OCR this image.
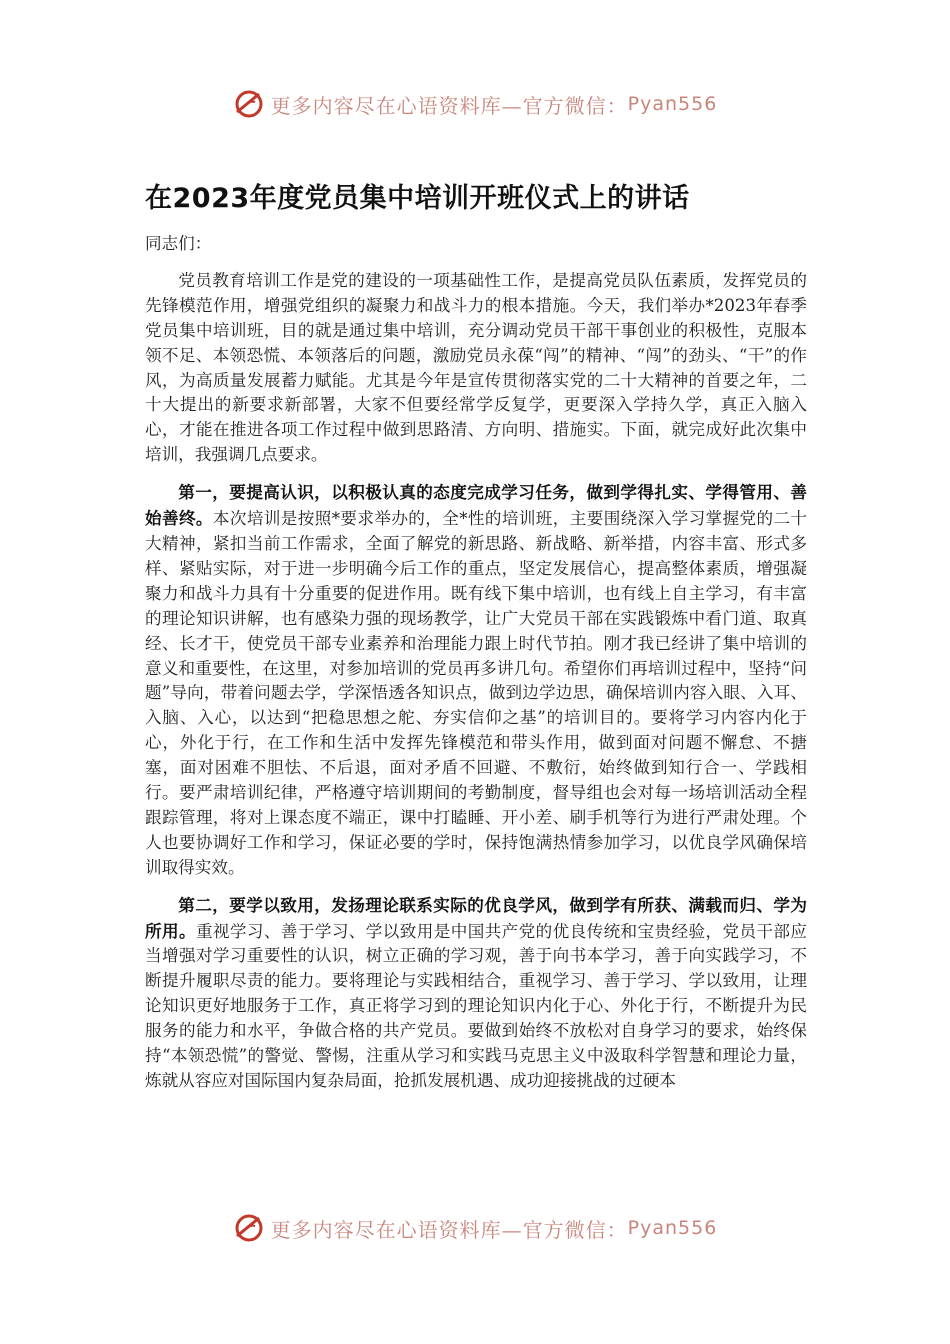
更多内容尽在心语资料库—官方微信： Pyan556
在2023年度党员集中培训开班仪式上的讲话

同志们：

党员教育培训工作是党的建设的一项基础性工作，是提高党员队伍素质，发挥党员的先锋模范作用，增强党组织的凝聚力和战斗力的根本措施。今天，我们举办*2023年春季党员集中培训班，目的就是通过集中培训，充分调动党员干部干事创业的积极性，克服本领不足、本领恐慌、本领落后的问题，激励党员永葆“闯”的精神、“闯”的劲头、“干”的作风，为高质量发展蓄力赋能。尤其是今年是宣传贯彻落实党的二十大精神的首要之年，二十大提出的新要求新部署，大家不但要经常学反复学，更要深入学持久学，真正入脑入心，才能在推进各项工作过程中做到思路清、方向明、措施实。下面，就完成好此次集中培训，我强调几点要求。

第一，要提高认识，以积极认真的态度完成学习任务，做到学得扎实、学得管用、善始善终。本次培训是按照*要求举办的，全*性的培训班，主要围绕深入学习掌握党的二十大精神，紧扣当前工作需求，全面了解党的新思路、新战略、新举措，内容丰富、形式多样、紧贴实际，对于进一步明确今后工作的重点，坚定发展信心，提高整体素质，增强凝聚力和战斗力具有十分重要的促进作用。既有线下集中培训，也有线上自主学习，有丰富的理论知识讲解，也有感染力强的现场教学，让广大党员干部在实践锻炼中看门道、取真经、长才干，使党员干部专业素养和治理能力跟上时代节拍。刚才我已经讲了集中培训的意义和重要性，在这里，对参加培训的党员再多讲几句。希望你们再培训过程中，坚持“问题”导向，带着问题去学，学深悟透各知识点，做到边学边思，确保培训内容入眼、入耳、入脑、入心，以达到“把稳思想之舵、夯实信仰之基”的培训目的。要将学习内容内化于心，外化于行，在工作和生活中发挥先锋模范和带头作用，做到面对问题不懈怠、不搪塞，面对困难不胆怯、不后退，面对矛盾不回避、不敷衍，始终做到知行合一、学践相行。要严肃培训纪律，严格遵守培训期间的考勤制度，督导组也会对每一场培训活动全程跟踪管理，将对上课态度不端正，课中打瞌睡、开小差、刷手机等行为进行严肃处理。个人也要协调好工作和学习，保证必要的学时，保持饱满热情参加学习，以优良学风确保培训取得实效。

第二，要学以致用，发扬理论联系实际的优良学风，做到学有所获、满载而归、学为所用。重视学习、善于学习、学以致用是中国共产党的优良传统和宝贵经验，党员干部应当增强对学习重要性的认识，树立正确的学习观，善于向书本学习，善于向实践学习，不断提升履职尽责的能力。要将理论与实践相结合，重视学习、善于学习、学以致用，让理论知识更好地服务于工作，真正将学习到的理论知识内化于心、外化于行，不断提升为民服务的能力和水平，争做合格的共产党员。要做到始终不放松对自身学习的要求，始终保持“本领恐慌”的警觉、警惕，注重从学习和实践马克思主义中汲取科学智慧和理论力量，炼就从容应对国际国内复杂局面，抢抓发展机遇、成功迎接挑战的过硬本

更多内容尽在心语资料库—官方微信： Pyan556
